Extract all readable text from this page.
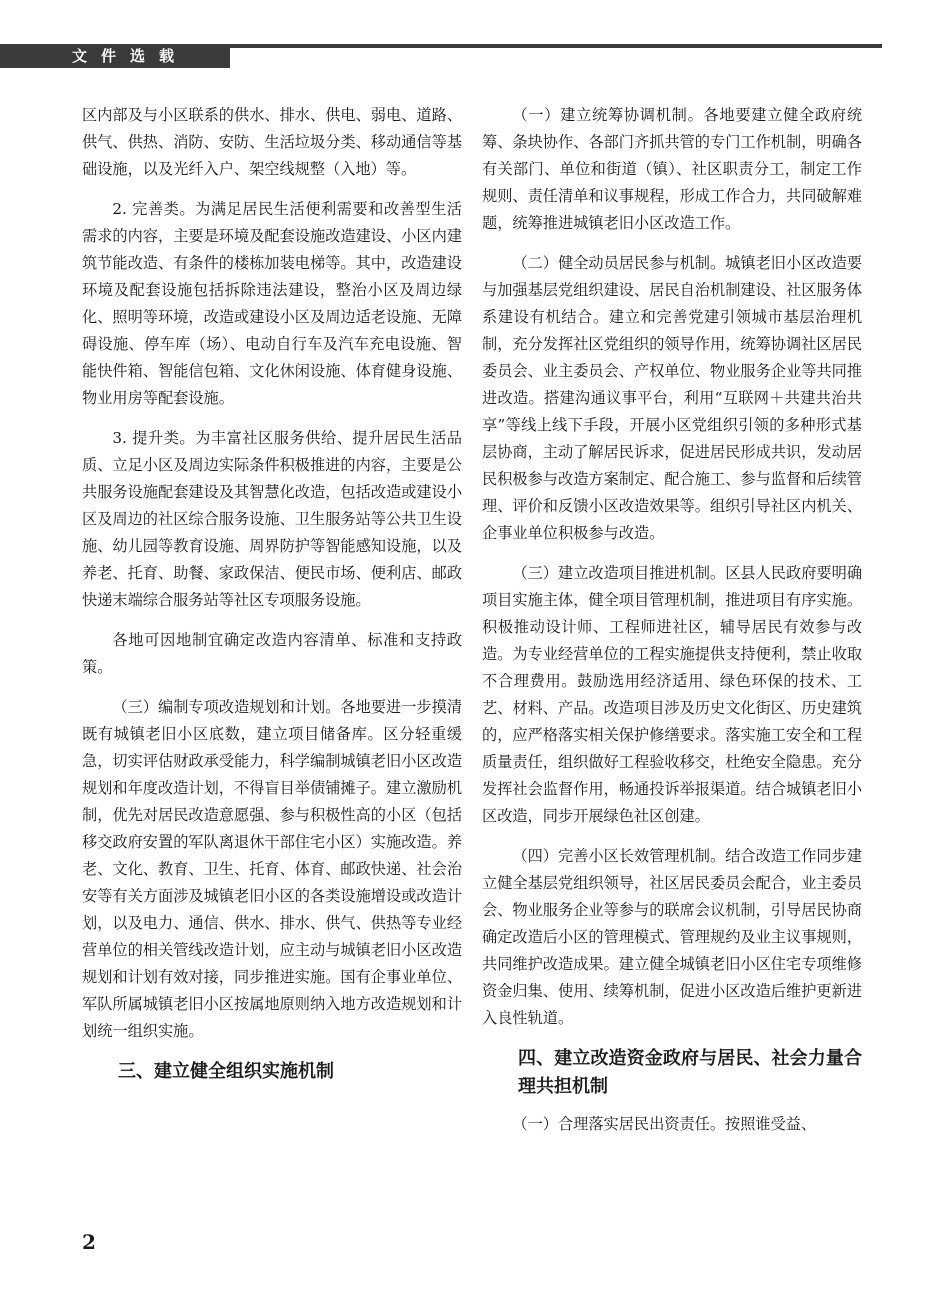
文件选载

区内部及与小区联系的供水、排水、供电、弱电、道路、供气、供热、消防、安防、生活垃圾分类、移动通信等基础设施，以及光纤入户、架空线规整（入地）等。

2. 完善类。为满足居民生活便利需要和改善型生活需求的内容，主要是环境及配套设施改造建设、小区内建筑节能改造、有条件的楼栋加装电梯等。其中，改造建设环境及配套设施包括拆除违法建设，整治小区及周边绿化、照明等环境，改造或建设小区及周边适老设施、无障碍设施、停车库（场）、电动自行车及汽车充电设施、智能快件箱、智能信包箱、文化休闲设施、体育健身设施、物业用房等配套设施。

3. 提升类。为丰富社区服务供给、提升居民生活品质、立足小区及周边实际条件积极推进的内容，主要是公共服务设施配套建设及其智慧化改造，包括改造或建设小区及周边的社区综合服务设施、卫生服务站等公共卫生设施、幼儿园等教育设施、周界防护等智能感知设施，以及养老、托育、助餐、家政保洁、便民市场、便利店、邮政快递末端综合服务站等社区专项服务设施。

各地可因地制宜确定改造内容清单、标准和支持政策。

（三）编制专项改造规划和计划。各地要进一步摸清既有城镇老旧小区底数，建立项目储备库。区分轻重缓急，切实评估财政承受能力，科学编制城镇老旧小区改造规划和年度改造计划，不得盲目举债铺摊子。建立激励机制，优先对居民改造意愿强、参与积极性高的小区（包括移交政府安置的军队离退休干部住宅小区）实施改造。养老、文化、教育、卫生、托育、体育、邮政快递、社会治安等有关方面涉及城镇老旧小区的各类设施增设或改造计划，以及电力、通信、供水、排水、供气、供热等专业经营单位的相关管线改造计划，应主动与城镇老旧小区改造规划和计划有效对接，同步推进实施。国有企事业单位、军队所属城镇老旧小区按属地原则纳入地方改造规划和计划统一组织实施。

三、建立健全组织实施机制

（一）建立统筹协调机制。各地要建立健全政府统筹、条块协作、各部门齐抓共管的专门工作机制，明确各有关部门、单位和街道（镇）、社区职责分工，制定工作规则、责任清单和议事规程，形成工作合力，共同破解难题，统筹推进城镇老旧小区改造工作。

（二）健全动员居民参与机制。城镇老旧小区改造要与加强基层党组织建设、居民自治机制建设、社区服务体系建设有机结合。建立和完善党建引领城市基层治理机制，充分发挥社区党组织的领导作用，统筹协调社区居民委员会、业主委员会、产权单位、物业服务企业等共同推进改造。搭建沟通议事平台，利用“互联网＋共建共治共享”等线上线下手段，开展小区党组织引领的多种形式基层协商，主动了解居民诉求，促进居民形成共识，发动居民积极参与改造方案制定、配合施工、参与监督和后续管理、评价和反馈小区改造效果等。组织引导社区内机关、企事业单位积极参与改造。

（三）建立改造项目推进机制。区县人民政府要明确项目实施主体，健全项目管理机制，推进项目有序实施。积极推动设计师、工程师进社区，辅导居民有效参与改造。为专业经营单位的工程实施提供支持便利，禁止收取不合理费用。鼓励选用经济适用、绿色环保的技术、工艺、材料、产品。改造项目涉及历史文化街区、历史建筑的，应严格落实相关保护修缮要求。落实施工安全和工程质量责任，组织做好工程验收移交，杜绝安全隐患。充分发挥社会监督作用，畅通投诉举报渠道。结合城镇老旧小区改造，同步开展绿色社区创建。

（四）完善小区长效管理机制。结合改造工作同步建立健全基层党组织领导，社区居民委员会配合，业主委员会、物业服务企业等参与的联席会议机制，引导居民协商确定改造后小区的管理模式、管理规约及业主议事规则，共同维护改造成果。建立健全城镇老旧小区住宅专项维修资金归集、使用、续筹机制，促进小区改造后维护更新进入良性轨道。

四、建立改造资金政府与居民、社会力量合理共担机制

（一）合理落实居民出资责任。按照谁受益、

2
